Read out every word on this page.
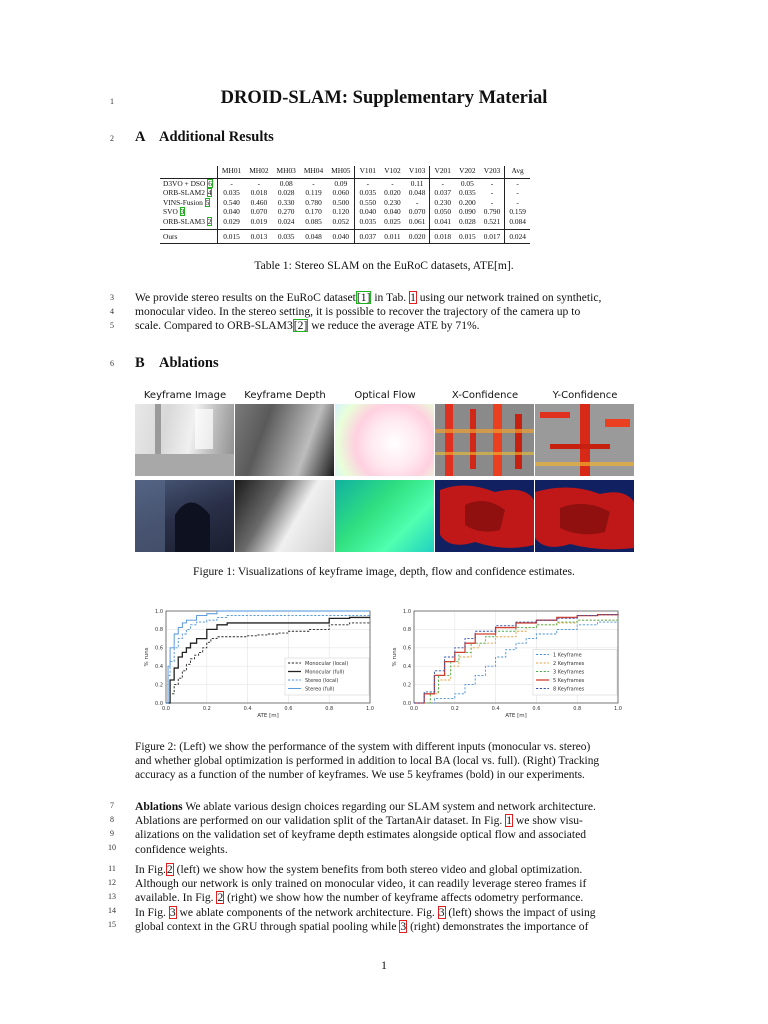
1
2
3
4
5
6
7
8
9
10
11
12
13
14
15
DROID-SLAM: Supplementary Material
A Additional Results
	MH01	MH02	MH03	MH04	MH05	V101	V102	V103	V201	V202	V203	Avg
D3VO + DSO 6	-	-	0.08	-	0.09	-	-	0.11	-	0.05	-	-
ORB-SLAM2 4	0.035	0.018	0.028	0.119	0.060	0.035	0.020	0.048	0.037	0.035	-	-
VINS-Fusion 5	0.540	0.460	0.330	0.780	0.500	0.550	0.230	-	0.230	0.200	-	-
SVO 3	0.040	0.070	0.270	0.170	0.120	0.040	0.040	0.070	0.050	0.090	0.790	0.159
ORB-SLAM3 2	0.029	0.019	0.024	0.085	0.052	0.035	0.025	0.061	0.041	0.028	0.521	0.084
Ours	0.015	0.013	0.035	0.048	0.040	0.037	0.011	0.020	0.018	0.015	0.017	0.024
Table 1: Stereo SLAM on the EuRoC datasets, ATE[m].
We provide stereo results on the EuRoC dataset[1] in Tab. 1 using our network trained on synthetic,
monocular video. In the stereo setting, it is possible to recover the trajectory of the camera up to
scale. Compared to ORB-SLAM3[2] we reduce the average ATE by 71%.
B Ablations
Keyframe Image	Keyframe Depth	Optical Flow	X-Confidence	Y-Confidence
Figure 1: Visualizations of keyframe image, depth, flow and confidence estimates.
0.0	0.2	0.4	0.6	0.8	1.0
0.0
0.2
0.4
0.6
0.8
1.0
ATE [m]
% runs	Monocular (local)
Monocular (full)
Stereo (local)
Stereo (full)
0.0	0.2	0.4	0.6	0.8	1.0
0.0
0.2
0.4
0.6
0.8
1.0
ATE [m]
% runs	1 Keyframe
2 Keyframes
3 Keyframes
5 Keyframes
8 Keyframes
Figure 2: (Left) we show the performance of the system with different inputs (monocular vs. stereo)
and whether global optimization is performed in addition to local BA (local vs. full). (Right) Tracking
accuracy as a function of the number of keyframes. We use 5 keyframes (bold) in our experiments.
Ablations We ablate various design choices regarding our SLAM system and network architecture.
Ablations are performed on our validation split of the TartanAir dataset. In Fig. 1 we show visu-
alizations on the validation set of keyframe depth estimates alongside optical flow and associated
confidence weights.
In Fig.2 (left) we show how the system benefits from both stereo video and global optimization.
Although our network is only trained on monocular video, it can readily leverage stereo frames if
available. In Fig. 2 (right) we show how the number of keyframe affects odometry performance.
In Fig. 3 we ablate components of the network architecture. Fig. 3 (left) shows the impact of using
global context in the GRU through spatial pooling while 3 (right) demonstrates the importance of
1
